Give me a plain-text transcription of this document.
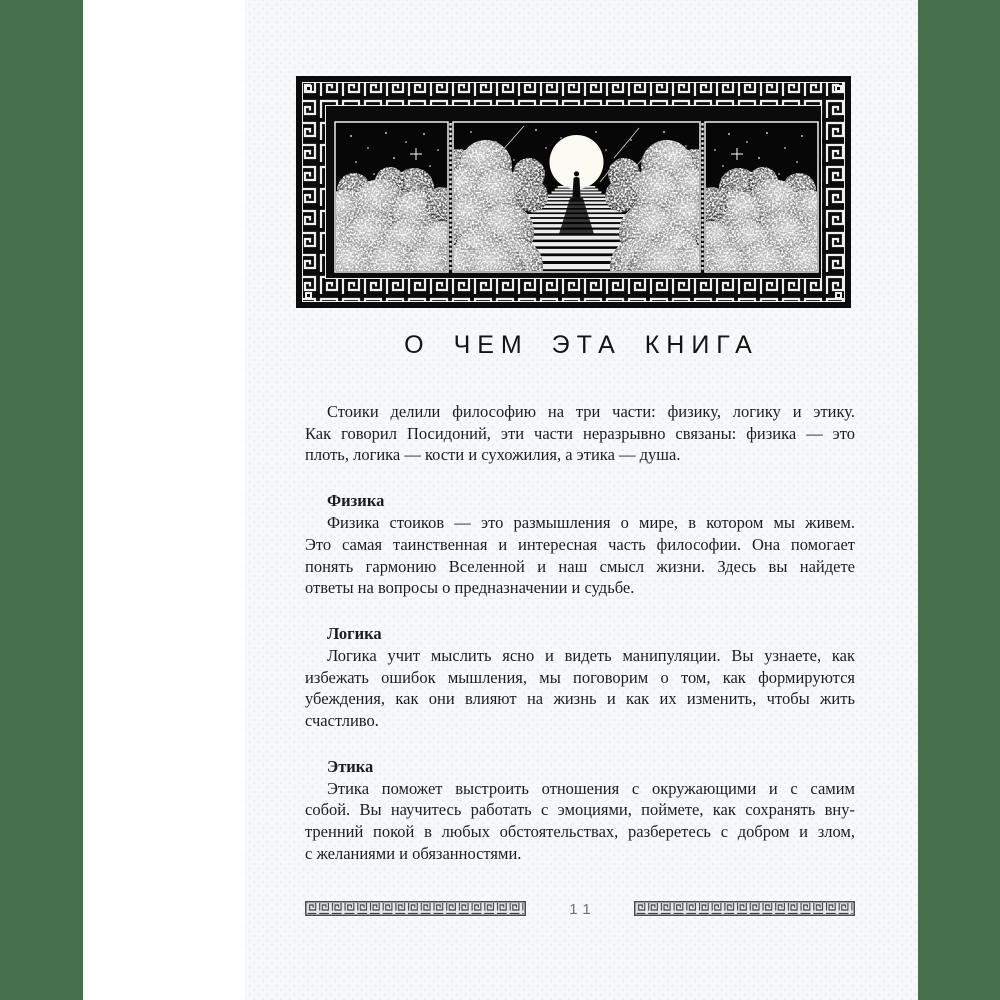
О ЧЕМ ЭТА КНИГА
Стоики делили философию на три части: физику, логику и этику.
Как говорил Посидоний, эти части неразрывно связаны: физика — это
плоть, логика — кости и сухожилия, а этика — душа.

Физика

Физика стоиков — это размышления о мире, в котором мы живем.
Это самая таинственная и интересная часть философии. Она помогает
понять гармонию Вселенной и наш смысл жизни. Здесь вы найдете
ответы на вопросы о предназначении и судьбе.

Логика

Логика учит мыслить ясно и видеть манипуляции. Вы узнаете, как
избежать ошибок мышления, мы поговорим о том, как формируются
убеждения, как они влияют на жизнь и как их изменить, чтобы жить
счастливо.

Этика

Этика поможет выстроить отношения с окружающими и с самим
собой. Вы научитесь работать с эмоциями, поймете, как сохранять вну-
тренний покой в любых обстоятельствах, разберетесь с добром и злом,
с желаниями и обязанностями.
11
